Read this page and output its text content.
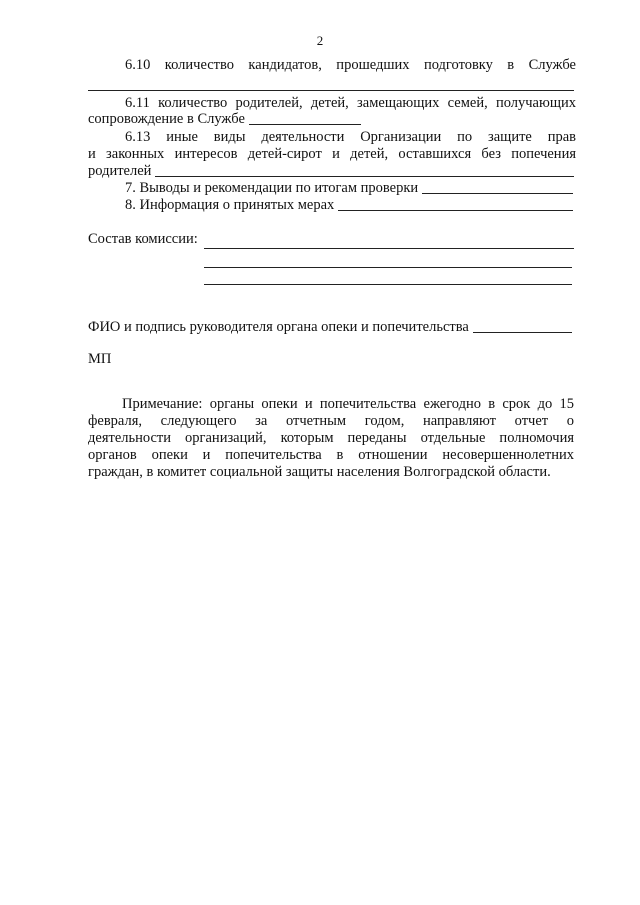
2
6.10 количество кандидатов, прошедших подготовку в Службе
6.11 количество родителей, детей, замещающих семей, получающих
сопровождение в Службе
6.13 иные виды деятельности Организации по защите прав
и законных интересов детей-сирот и детей, оставшихся без попечения
родителей
7. Выводы и рекомендации по итогам проверки
8. Информация о принятых мерах
Состав комиссии:
ФИО и подпись руководителя органа опеки и попечительства
МП
Примечание: органы опеки и попечительства ежегодно в срок до 15
февраля, следующего за отчетным годом, направляют отчет о
деятельности организаций, которым переданы отдельные полномочия
органов опеки и попечительства в отношении несовершеннолетних
граждан, в комитет социальной защиты населения Волгоградской области.
